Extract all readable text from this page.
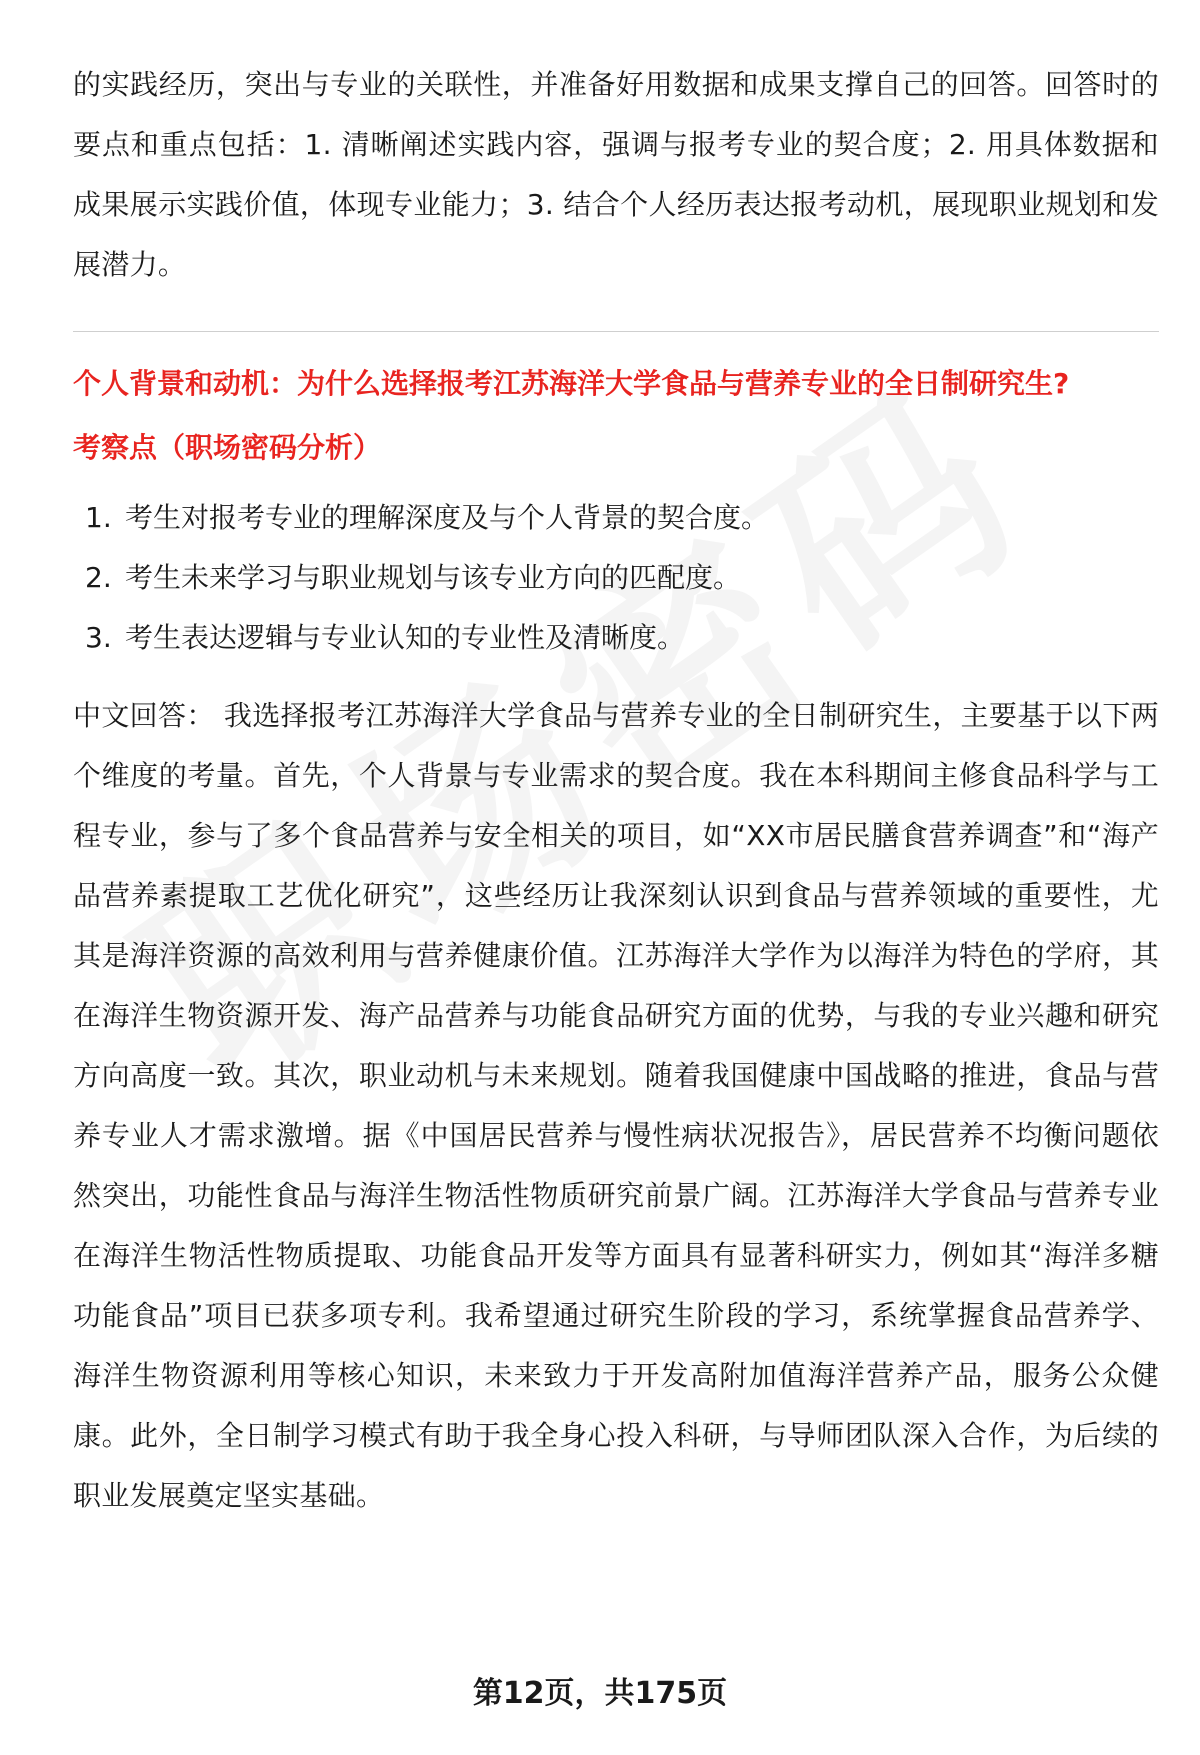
的实践经历，突出与专业的关联性，并准备好用数据和成果支撑自己的回答。回答时的要点和重点包括：1. 清晰阐述实践内容，强调与报考专业的契合度；2. 用具体数据和成果展示实践价值，体现专业能力；3. 结合个人经历表达报考动机，展现职业规划和发展潜力。

个人背景和动机：为什么选择报考江苏海洋大学食品与营养专业的全日制研究生?
考察点（职场密码分析）
1. 考生对报考专业的理解深度及与个人背景的契合度。
2. 考生未来学习与职业规划与该专业方向的匹配度。
3. 考生表达逻辑与专业认知的专业性及清晰度。

中文回答： 我选择报考江苏海洋大学食品与营养专业的全日制研究生，主要基于以下两个维度的考量。首先，个人背景与专业需求的契合度。我在本科期间主修食品科学与工程专业，参与了多个食品营养与安全相关的项目，如“XX市居民膳食营养调查”和“海产品营养素提取工艺优化研究”，这些经历让我深刻认识到食品与营养领域的重要性，尤其是海洋资源的高效利用与营养健康价值。江苏海洋大学作为以海洋为特色的学府，其在海洋生物资源开发、海产品营养与功能食品研究方面的优势，与我的专业兴趣和研究方向高度一致。其次，职业动机与未来规划。随着我国健康中国战略的推进，食品与营养专业人才需求激增。据《中国居民营养与慢性病状况报告》，居民营养不均衡问题依然突出，功能性食品与海洋生物活性物质研究前景广阔。江苏海洋大学食品与营养专业在海洋生物活性物质提取、功能食品开发等方面具有显著科研实力，例如其“海洋多糖功能食品”项目已获多项专利。我希望通过研究生阶段的学习，系统掌握食品营养学、海洋生物资源利用等核心知识，未来致力于开发高附加值海洋营养产品，服务公众健康。此外，全日制学习模式有助于我全身心投入科研，与导师团队深入合作，为后续的职业发展奠定坚实基础。

第12页，共175页
